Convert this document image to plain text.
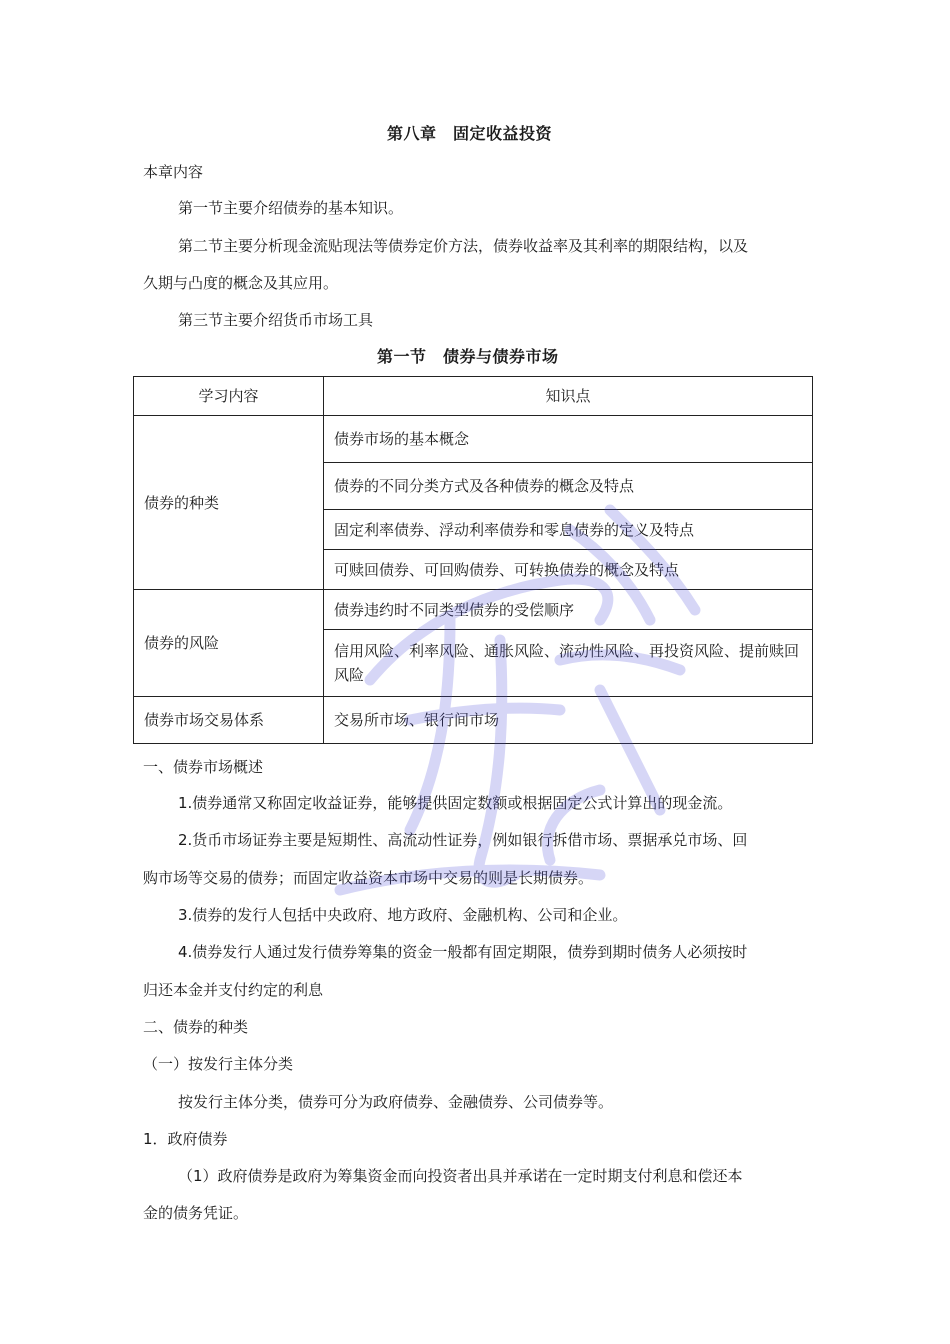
第八章　固定收益投资
本章内容
第一节主要介绍债券的基本知识。
第二节主要分析现金流贴现法等债券定价方法，债券收益率及其利率的期限结构，以及
久期与凸度的概念及其应用。
第三节主要介绍货币市场工具
第一节　债券与债券市场
学习内容	知识点
债券的种类	债券市场的基本概念
	债券的不同分类方式及各种债券的概念及特点
	固定利率债券、浮动利率债券和零息债券的定义及特点
	可赎回债券、可回购债券、可转换债券的概念及特点
债券的风险	债券违约时不同类型债券的受偿顺序
	信用风险、利率风险、通胀风险、流动性风险、再投资风险、提前赎回风险
债券市场交易体系	交易所市场、银行间市场
一、债券市场概述
1.债券通常又称固定收益证券，能够提供固定数额或根据固定公式计算出的现金流。
2.货币市场证券主要是短期性、高流动性证券，例如银行拆借市场、票据承兑市场、回
购市场等交易的债券；而固定收益资本市场中交易的则是长期债券。
3.债券的发行人包括中央政府、地方政府、金融机构、公司和企业。
4.债券发行人通过发行债券筹集的资金一般都有固定期限，债券到期时债务人必须按时
归还本金并支付约定的利息
二、债券的种类
（一）按发行主体分类
按发行主体分类，债券可分为政府债券、金融债券、公司债券等。
1．政府债券
（1）政府债券是政府为筹集资金而向投资者出具并承诺在一定时期支付利息和偿还本
金的债务凭证。
